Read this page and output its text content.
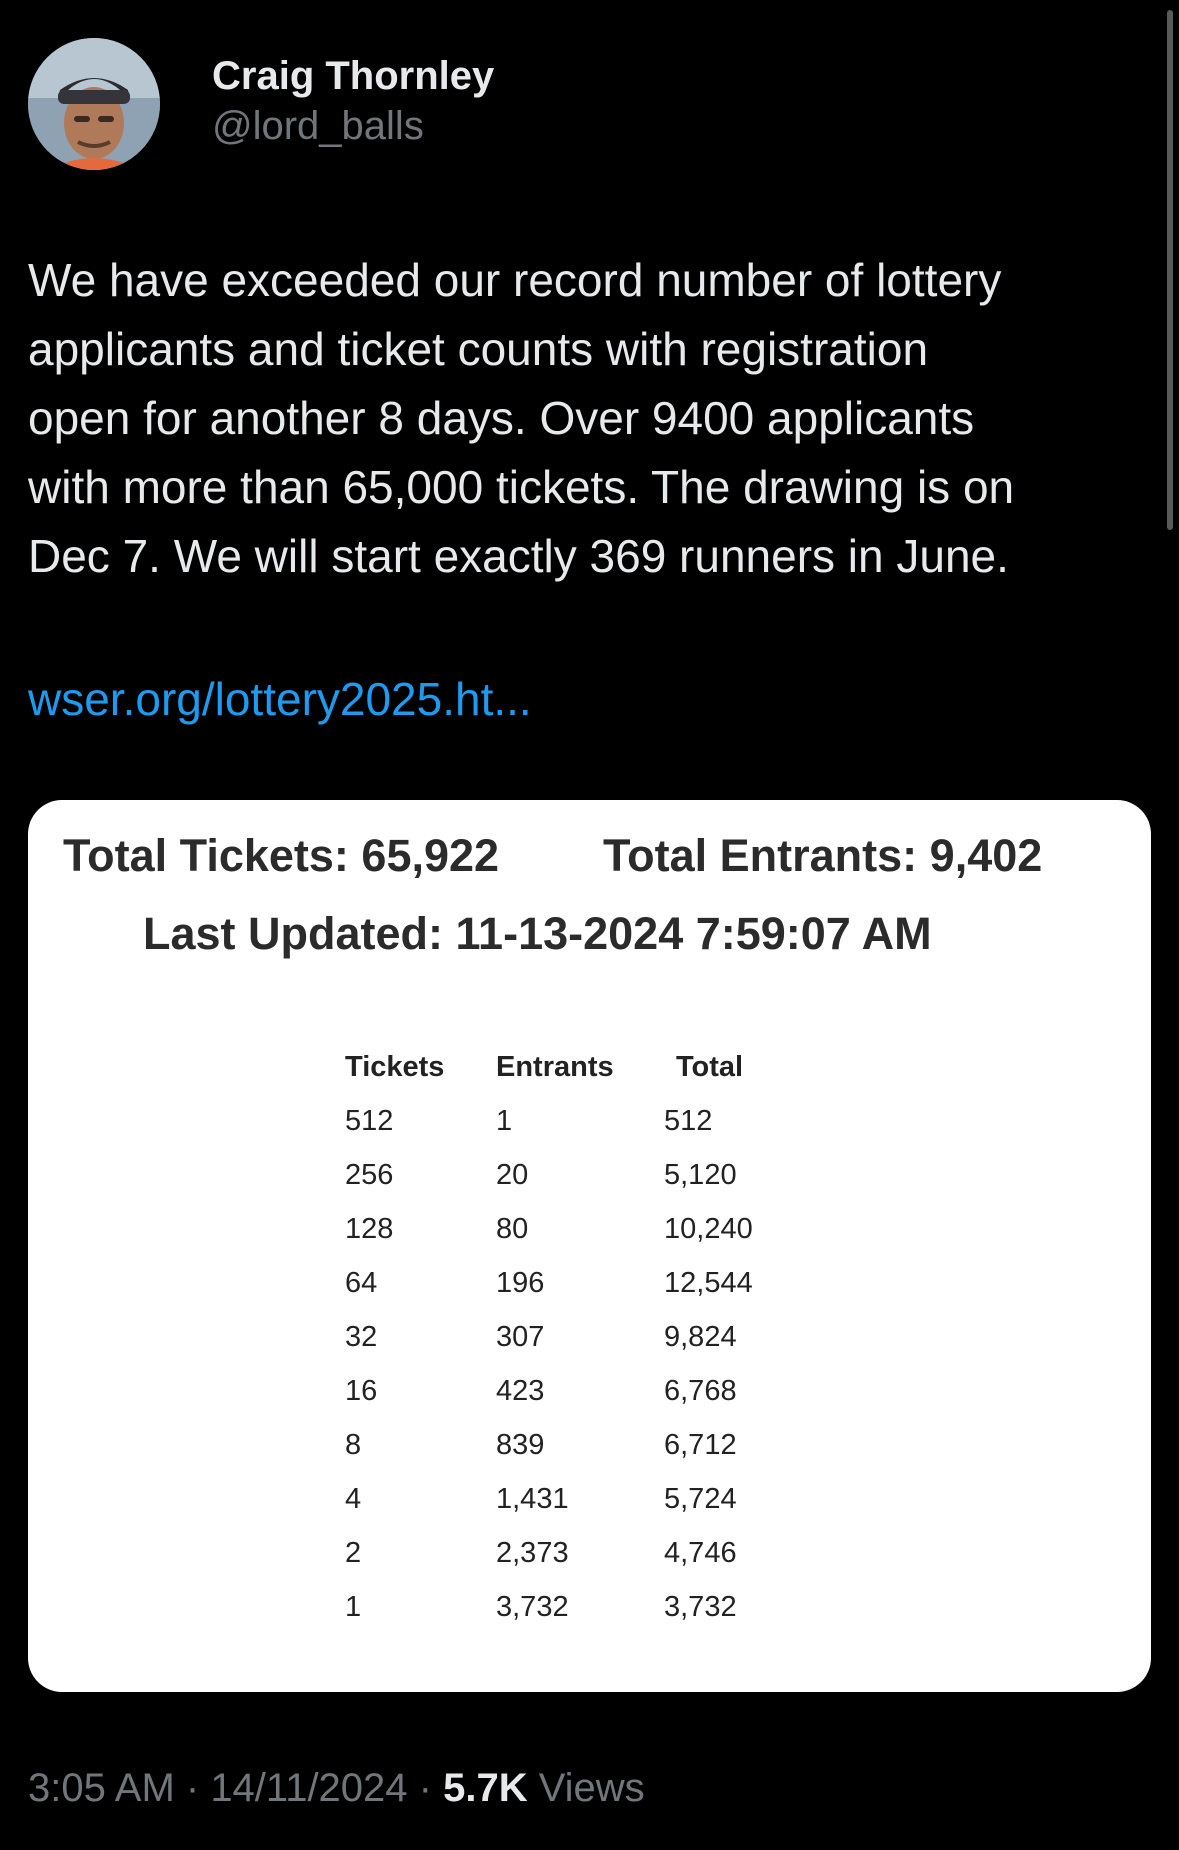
Craig Thornley
@lord_balls
We have exceeded our record number of lottery
applicants and ticket counts with registration
open for another 8 days. Over 9400 applicants
with more than 65,000 tickets. The drawing is on
Dec 7. We will start exactly 369 runners in June.
wser.org/lottery2025.ht...
Total Tickets: 65,922 Total Entrants: 9,402
Last Updated: 11-13-2024 7:59:07 AM
Tickets	Entrants	Total
512	1	512
256	20	5,120
128	80	10,240
64	196	12,544
32	307	9,824
16	423	6,768
8	839	6,712
4	1,431	5,724
2	2,373	4,746
1	3,732	3,732
3:05 AM · 14/11/2024 · 5.7K Views
